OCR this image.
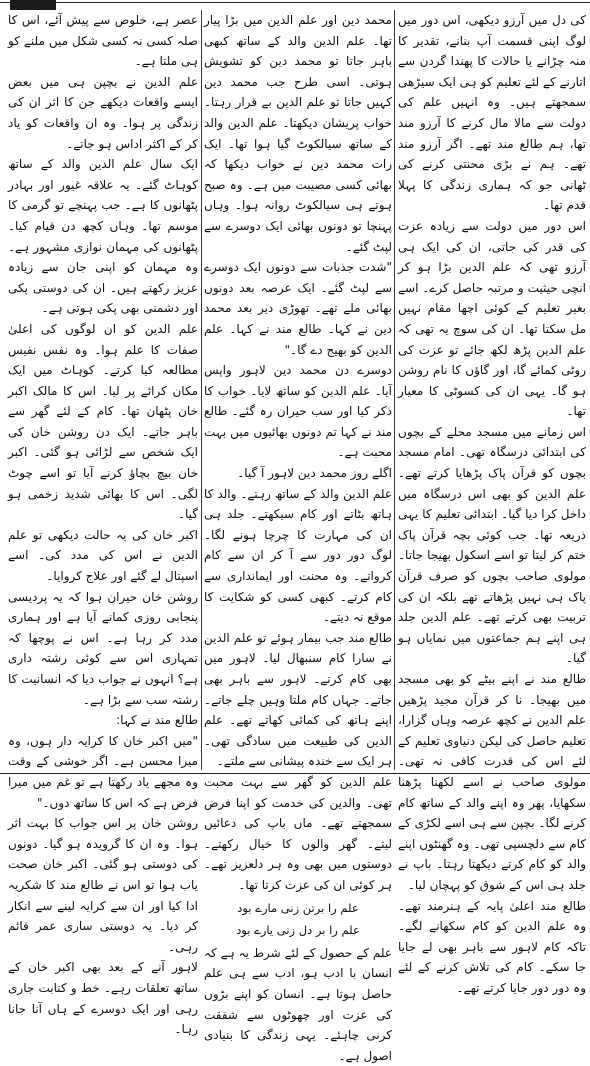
کی دل میں آرزو دیکھی، اس دور میں لوگ اپنی قسمت آپ بنانے، تقدیر کا منہ چڑانے یا حالات کا پھندا گردن سے اتارنے کے لئے تعلیم کو ہی ایک سیڑھی سمجھتے ہیں۔ وہ انہیں علم کی دولت سے مالا مال کرنے کا آرزو مند تھا، ہم طالع مند تھے۔ اگر آرزو مند تھے۔ ہم نے بڑی محنتی کرنے کی ٹھانی جو کہ ہماری زندگی کا پہلا قدم تھا۔

اس دور میں دولت سے زیادہ عزت کی قدر کی جاتی، ان کی ایک ہی آرزو تھی کہ علم الدین بڑا ہو کر انچی حیثیت و مرتبہ حاصل کرے۔ اسے بغیر تعلیم کے کوئی اچھا مقام نہیں مل سکتا تھا۔ ان کی سوچ یہ تھی کہ علم الدین پڑھ لکھ جائے تو عزت کی روٹی کمائے گا، اور گاؤں کا نام روشن ہو گا۔ یہی ان کی کسوٹی کا معیار تھا۔

اس زمانے میں مسجد محلے کے بچوں کی ابتدائی درسگاہ تھی۔ امام مسجد بچوں کو قرآن پاک پڑھایا کرتے تھے۔ علم الدین کو بھی اس درسگاہ میں داخل کرا دیا گیا۔ ابتدائی تعلیم کا یہی ذریعہ تھا۔ جب کوئی بچہ قرآن پاک ختم کر لیتا تو اسے اسکول بھیجا جاتا۔ مولوی صاحب بچوں کو صرف قرآن پاک ہی نہیں پڑھاتے تھے بلکہ ان کی تربیت بھی کرتے تھے۔ علم الدین جلد ہی اپنے ہم جماعتوں میں نمایاں ہو گیا۔

طالع مند نے اپنے بیٹے کو بھی مسجد میں بھیجا۔ نا کر قرآن مجید پڑھیں علم الدین نے کچھ عرصہ وہاں گزارا، تعلیم حاصل کی لیکن دنیاوی تعلیم کے لئے اس کی قدرت کافی نہ تھی۔ مولوی صاحب نے اسے لکھنا پڑھنا سکھایا، پھر وہ اپنے والد کے ساتھ کام کرنے لگا۔ بچپن سے ہی اسے لکڑی کے کام سے دلچسپی تھی۔ وہ گھنٹوں اپنے والد کو کام کرتے دیکھتا رہتا۔ باپ نے جلد ہی اس کے شوق کو پہچان لیا۔

طالع مند اعلیٰ پایہ کے ہنرمند تھے۔ وہ علم الدین کو کام سکھانے لگے۔ تاکہ کام لاہور سے باہر بھی لے جایا جا سکے۔ کام کی تلاش کرنے کے لئے وہ دور دور جایا کرتے تھے۔

محمد دین اور علم الدین میں بڑا پیار تھا۔ علم الدین والد کے ساتھ کبھی باہر جاتا تو محمد دین کو تشویش ہوتی۔ اسی طرح جب محمد دین کہیں جاتا تو علم الدین بے قرار رہتا۔ خواب پریشان دیکھتا۔ علم الدین والد کے ساتھ سیالکوٹ گیا ہوا تھا۔ ایک رات محمد دین نے خواب دیکھا کہ بھائی کسی مصیبت میں ہے۔ وہ صبح ہوتے ہی سیالکوٹ روانہ ہوا۔ وہاں پہنچا تو دونوں بھائی ایک دوسرے سے لپٹ گئے۔

"شدت جذبات سے دونوں ایک دوسرے سے لپٹ گئے۔ ایک عرصہ بعد دونوں بھائی ملے تھے۔ تھوڑی دیر بعد محمد دین نے کہا۔ طالع مند نے کہا۔ علم الدین کو بھیج دے گا۔"

دوسرے دن محمد دین لاہور واپس آیا۔ علم الدین کو ساتھ لایا۔ خواب کا ذکر کیا اور سب حیران رہ گئے۔ طالع مند نے کہا تم دونوں بھائیوں میں بہت محبت ہے۔

اگلے روز محمد دین لاہور آ گیا۔

علم الدین والد کے ساتھ رہتے۔ والد کا ہاتھ بٹاتے اور کام سیکھتے۔ جلد ہی ان کی مہارت کا چرچا ہونے لگا۔ لوگ دور دور سے آ کر ان سے کام کرواتے۔ وہ محنت اور ایمانداری سے کام کرتے۔ کبھی کسی کو شکایت کا موقع نہ دیتے۔

طالع مند جب بیمار ہوئے تو علم الدین نے سارا کام سنبھال لیا۔ لاہور میں بھی کام کرتے۔ لاہور سے باہر بھی جاتے۔ جہاں کام ملتا وہیں چلے جاتے۔ اپنے ہاتھ کی کمائی کھاتے تھے۔ علم الدین کی طبیعت میں سادگی تھی۔ ہر ایک سے خندہ پیشانی سے ملتے۔

علم الدین کو گھر سے بہت محبت تھی۔ والدین کی خدمت کو اپنا فرض سمجھتے تھے۔ ماں باپ کی دعائیں لیتے۔ گھر والوں کا خیال رکھتے۔ دوستوں میں بھی وہ ہر دلعزیز تھے۔ ہر کوئی ان کی عزت کرتا تھا۔

علم را برتن زنی مارے بود

علم را بر دل زنی یارے بود

علم کے حصول کے لئے شرط یہ ہے کہ انسان با ادب ہو، ادب سے ہی علم حاصل ہوتا ہے۔ انسان کو اپنے بڑوں کی عزت اور چھوٹوں سے شفقت کرنی چاہئے۔ یہی زندگی کا بنیادی اصول ہے۔

عصر ہے، خلوص سے پیش آئے، اس کا صلہ کسی نہ کسی شکل میں ملنے کو ہی ملتا ہے۔

علم الدین نے بچپن ہی میں بعض ایسے واقعات دیکھے جن کا اثر ان کی زندگی پر ہوا۔ وہ ان واقعات کو یاد کر کے اکثر اداس ہو جاتے۔

ایک سال علم الدین والد کے ساتھ کوہاٹ گئے۔ یہ علاقہ غیور اور بہادر پٹھانوں کا ہے۔ جب پہنچے تو گرمی کا موسم تھا۔ وہاں کچھ دن قیام کیا۔ پٹھانوں کی مہمان نوازی مشہور ہے۔ وہ مہمان کو اپنی جان سے زیادہ عزیز رکھتے ہیں۔ ان کی دوستی پکی اور دشمنی بھی پکی ہوتی ہے۔

علم الدین کو ان لوگوں کی اعلیٰ صفات کا علم ہوا۔ وہ نفس نفیس مطالعہ کیا کرتے۔ کوہاٹ میں ایک مکان کرائے پر لیا۔ اس کا مالک اکبر خان پٹھان تھا۔ کام کے لئے گھر سے باہر جاتے۔ ایک دن روشن خان کی ایک شخص سے لڑائی ہو گئی۔ اکبر خان بیچ بچاؤ کرنے آیا تو اسے چوٹ لگی۔ اس کا بھائی شدید زخمی ہو گیا۔

اکبر خان کی یہ حالت دیکھی تو علم الدین نے اس کی مدد کی۔ اسے اسپتال لے گئے اور علاج کروایا۔

روشن خان حیران ہوا کہ یہ پردیسی پنجابی روزی کمانے آیا ہے اور ہماری مدد کر رہا ہے۔ اس نے پوچھا کہ تمہاری اس سے کوئی رشتہ داری ہے؟ انہوں نے جواب دیا کہ انسانیت کا رشتہ سب سے بڑا ہے۔

طالع مند نے کہا:

"میں اکبر خان کا کرایہ دار ہوں، وہ میرا محسن ہے۔ اگر خوشی کے وقت وہ مجھے یاد رکھتا ہے تو غم میں میرا فرض ہے کہ اس کا ساتھ دوں۔"

روشن خان پر اس جواب کا بہت اثر ہوا۔ وہ ان کا گرویدہ ہو گیا۔ دونوں کی دوستی ہو گئی۔ اکبر خان صحت یاب ہوا تو اس نے طالع مند کا شکریہ ادا کیا اور ان سے کرایہ لینے سے انکار کر دیا۔ یہ دوستی ساری عمر قائم رہی۔

لاہور آنے کے بعد بھی اکبر خان کے ساتھ تعلقات رہے۔ خط و کتابت جاری رہی اور ایک دوسرے کے ہاں آنا جانا رہا۔
